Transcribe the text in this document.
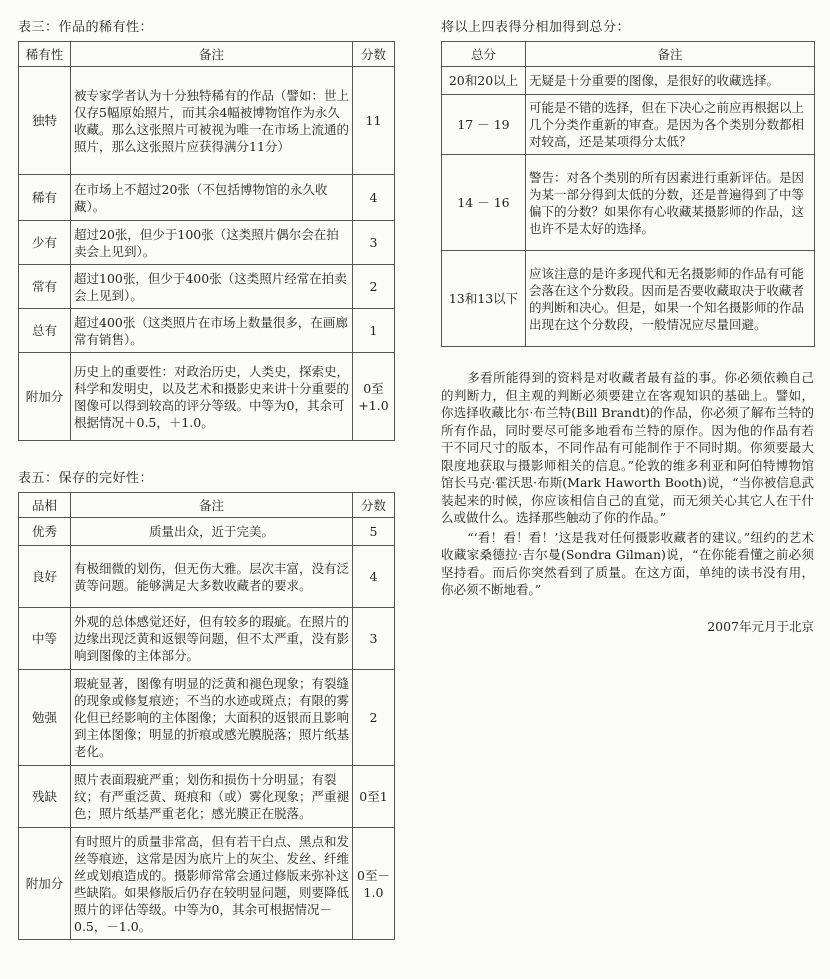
表三：作品的稀有性：
稀有性	备注	分数
独特	被专家学者认为十分独特稀有的作品（譬如：世上仅存5幅原始照片，而其余4幅被博物馆作为永久收藏。那么这张照片可被视为唯一在市场上流通的照片，那么这张照片应获得满分11分）	11
稀有	在市场上不超过20张（不包括博物馆的永久收藏）。	4
少有	超过20张，但少于100张（这类照片偶尔会在拍卖会上见到）。	3
常有	超过100张，但少于400张（这类照片经常在拍卖会上见到）。	2
总有	超过400张（这类照片在市场上数量很多，在画廊常有销售）。	1
附加分	历史上的重要性：对政治历史，人类史，探索史，科学和发明史，以及艺术和摄影史来讲十分重要的图像可以得到较高的评分等级。中等为0，其余可根据情况＋0.5，＋1.0。	0至+1.0
表五：保存的完好性：
品相	备注	分数
优秀	质量出众，近于完美。	5
良好	有极细微的划伤，但无伤大雅。层次丰富，没有泛黄等问题。能够满足大多数收藏者的要求。	4
中等	外观的总体感觉还好，但有较多的瑕疵。在照片的边缘出现泛黄和返银等问题，但不太严重，没有影响到图像的主体部分。	3
勉强	瑕疵显著，图像有明显的泛黄和褪色现象；有裂缝的现象或修复痕迹；不当的水迹或斑点；有限的雾化但已经影响的主体图像；大面积的返银而且影响到主体图像；明显的折痕或感光膜脱落；照片纸基老化。	2
残缺	照片表面瑕疵严重；划伤和损伤十分明显；有裂纹；有严重泛黄、斑痕和（或）雾化现象；严重褪色；照片纸基严重老化；感光膜正在脱落。	0至1
附加分	有时照片的质量非常高，但有若干白点、黑点和发丝等痕迹，这常是因为底片上的灰尘、发丝、纤维丝或划痕造成的。摄影师常常会通过修版来弥补这些缺陷。如果修版后仍存在较明显问题，则要降低照片的评估等级。中等为0，其余可根据情况－0.5，－1.0。	0至－1.0
将以上四表得分相加得到总分：
总分	备注
20和20以上	无疑是十分重要的图像，是很好的收藏选择。
17 － 19	可能是不错的选择，但在下决心之前应再根据以上几个分类作重新的审查。是因为各个类别分数都相对较高，还是某项得分太低？
14 － 16	警告：对各个类别的所有因素进行重新评估。是因为某一部分得到太低的分数，还是普遍得到了中等偏下的分数？如果你有心收藏某摄影师的作品，这也许不是太好的选择。
13和13以下	应该注意的是许多现代和无名摄影师的作品有可能会落在这个分数段。因而是否要收藏取决于收藏者的判断和决心。但是，如果一个知名摄影师的作品出现在这个分数段，一般情况应尽量回避。

多看所能得到的资料是对收藏者最有益的事。你必须依赖自己的判断力，但主观的判断必须要建立在客观知识的基础上。譬如，你选择收藏比尔·布兰特(Bill Brandt)的作品，你必须了解布兰特的所有作品，同时要尽可能多地看布兰特的原作。因为他的作品有若干不同尺寸的版本，不同作品有可能制作于不同时期。你须要最大限度地获取与摄影师相关的信息。”伦敦的维多利亚和阿伯特博物馆馆长马克·霍沃思·布斯(Mark Haworth Booth)说，“当你被信息武装起来的时候，你应该相信自己的直觉，而无须关心其它人在干什么或做什么。选择那些触动了你的作品。”

“‘看！看！看！’这是我对任何摄影收藏者的建议。”纽约的艺术收藏家桑德拉·吉尔曼(Sondra Gilman)说，“在你能看懂之前必须坚持看。而后你突然看到了质量。在这方面，单纯的读书没有用，你必须不断地看。”

2007年元月于北京
